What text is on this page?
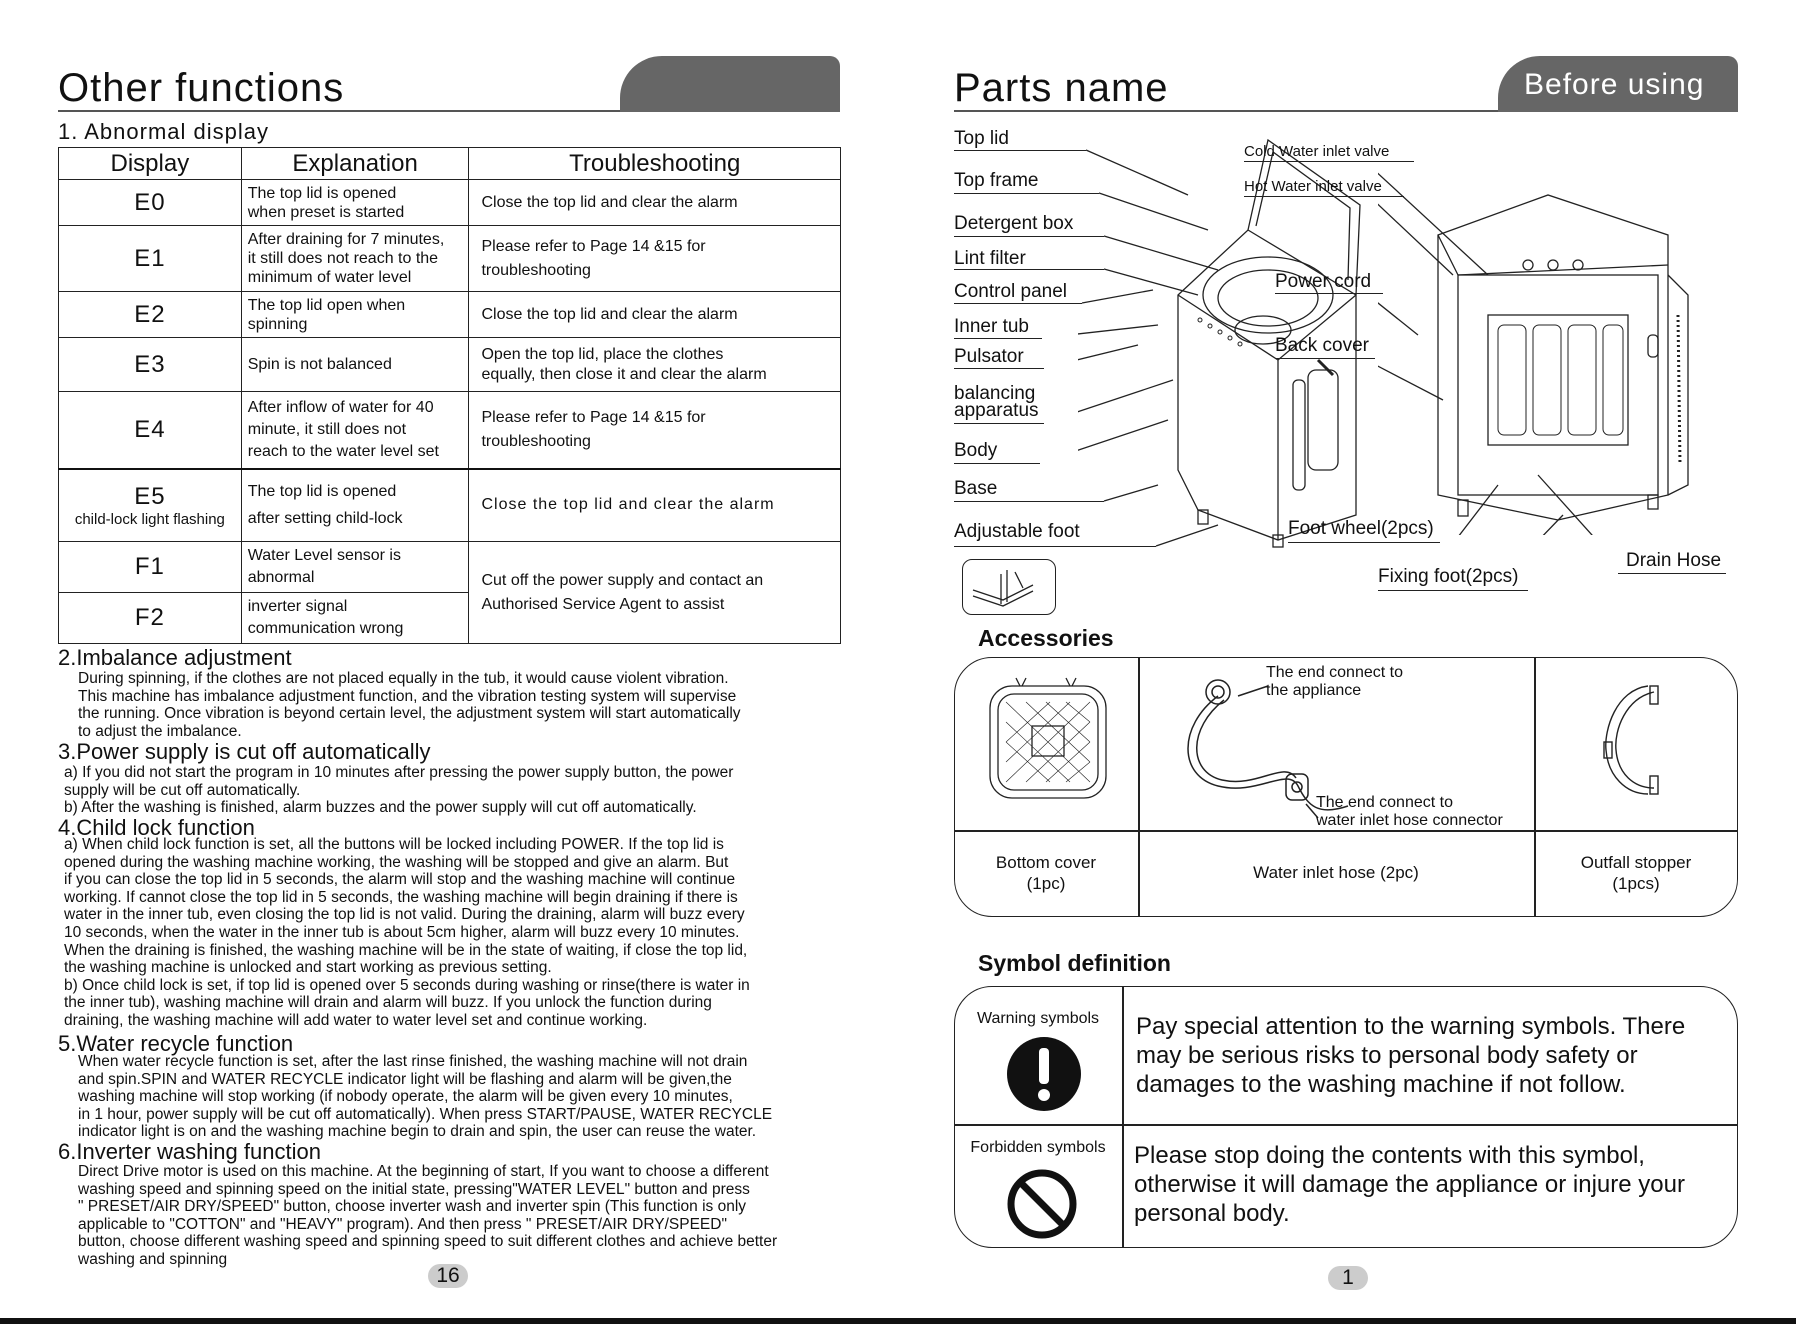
Other functions
1. Abnormal display
Display	Explanation	Troubleshooting
E0	The top lid is opened
when preset is started	Close the top lid and clear the alarm
E1	After draining for 7 minutes,
it still does not reach to the
minimum of water level	Please refer to Page 14 &15 for
troubleshooting
E2	The top lid open when
spinning	Close the top lid and clear the alarm
E3	Spin is not balanced	Open the top lid, place the clothes
equally, then close it and clear the alarm
E4	After inflow of water for 40
minute, it still does not
reach to the water level set	Please refer to Page 14 &15 for
troubleshooting
E5
child-lock light flashing	The top lid is opened
after setting child-lock	Close the top lid and clear the alarm
F1	Water Level sensor is
abnormal	Cut off the power supply and contact an
Authorised Service Agent to assist
F2	inverter signal
communication wrong	
2.Imbalance adjustment
During spinning, if the clothes are not placed equally in the tub, it would cause violent vibration.
This machine has imbalance adjustment function, and the vibration testing system will supervise
the running. Once vibration is beyond certain level, the adjustment system will start automatically
to adjust the imbalance.
3.Power supply is cut off automatically
a) If you did not start the program in 10 minutes after pressing the power supply button, the power
supply will be cut off automatically.
b) After the washing is finished, alarm buzzes and the power supply will cut off automatically.
4.Child lock function
a) When child lock function is set, all the buttons will be locked including POWER. If the top lid is
opened during the washing machine working, the washing will be stopped and give an alarm. But
if you can close the top lid in 5 seconds, the alarm will stop and the washing machine will continue
working. If cannot close the top lid in 5 seconds, the washing machine will begin draining if there is
water in the inner tub, even closing the top lid is not valid. During the draining, alarm will buzz every
10 seconds, when the water in the inner tub is about 5cm higher, alarm will buzz every 10 minutes.
When the draining is finished, the washing machine will be in the state of waiting, if close the top lid,
the washing machine is unlocked and start working as previous setting.
b) Once child lock is set, if top lid is opened over 5 seconds during washing or rinse(there is water in
the inner tub), washing machine will drain and alarm will buzz. If you unlock the function during
draining, the washing machine will add water to water level set and continue working.
5.Water recycle function
When water recycle function is set, after the last rinse finished, the washing machine will not drain
and spin.SPIN and WATER RECYCLE indicator light will be flashing and alarm will be given,the
washing machine will stop working (if nobody operate, the alarm will be given every 10 minutes,
in 1 hour, power supply will be cut off automatically). When press START/PAUSE, WATER RECYCLE
indicator light is on and the washing machine begin to drain and spin, the user can reuse the water.
6.Inverter washing function
Direct Drive motor is used on this machine. At the beginning of start, If you want to choose a different
washing speed and spinning speed on the initial state, pressing"WATER LEVEL" button and press
" PRESET/AIR DRY/SPEED" button, choose inverter wash and inverter spin (This function is only
applicable to "COTTON" and "HEAVY" program). And then press " PRESET/AIR DRY/SPEED"
button, choose different washing speed and spinning speed to suit different clothes and achieve better
washing and spinning
16
Parts name	Before using
Top lid
Top frame
Detergent box
Lint filter
Control panel
Inner tub
Pulsator
balancing
apparatus
Body
Base
Adjustable foot
Cold Water inlet valve
Hot Water inlet valve
Power cord
Back cover
Foot wheel(2pcs)
Fixing foot(2pcs)
Drain Hose
Accessories
The end connect to
the appliance
The end connect to
water inlet hose connector
Bottom cover
(1pc)
Water inlet hose (2pc)
Outfall stopper
(1pcs)
Symbol definition
Warning symbols	Pay special attention to the warning symbols. There
may be serious risks to personal body safety or
damages to the washing machine if not follow.
Forbidden symbols	Please stop doing the contents with this symbol,
otherwise it will damage the appliance or injure your
personal body.
1
